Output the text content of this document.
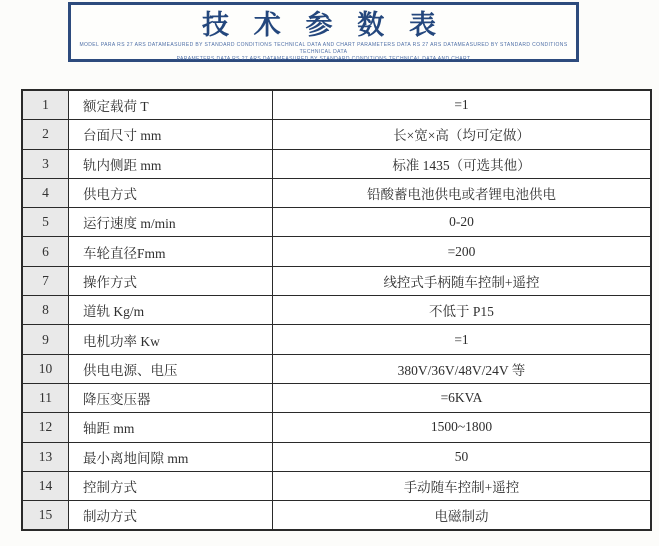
技 术 参 数 表
MODEL PARA RS 27 ARS DATAMEASURED BY STANDARD CONDITIONS TECHNICAL DATA AND CHART PARAMETERS DATA RS 27 ARS DATAMEASURED BY STANDARD CONDITIONS TECHNICAL DATA
PARAMETERS DATA RS 27 ARS DATAMEASURED BY STANDARD CONDITIONS TECHNICAL DATA AND CHART
1	额定载荷 T	=1
2	台面尺寸 mm	长×宽×高（均可定做）
3	轨内侧距 mm	标准 1435（可选其他）
4	供电方式	铅酸蓄电池供电或者锂电池供电
5	运行速度 m/min	0-20
6	车轮直径Fmm	=200
7	操作方式	线控式手柄随车控制+遥控
8	道轨 Kg/m	不低于 P15
9	电机功率 Kw	=1
10	供电电源、电压	380V/36V/48V/24V 等
11	降压变压器	=6KVA
12	轴距 mm	1500~1800
13	最小离地间隙 mm	50
14	控制方式	手动随车控制+遥控
15	制动方式	电磁制动
